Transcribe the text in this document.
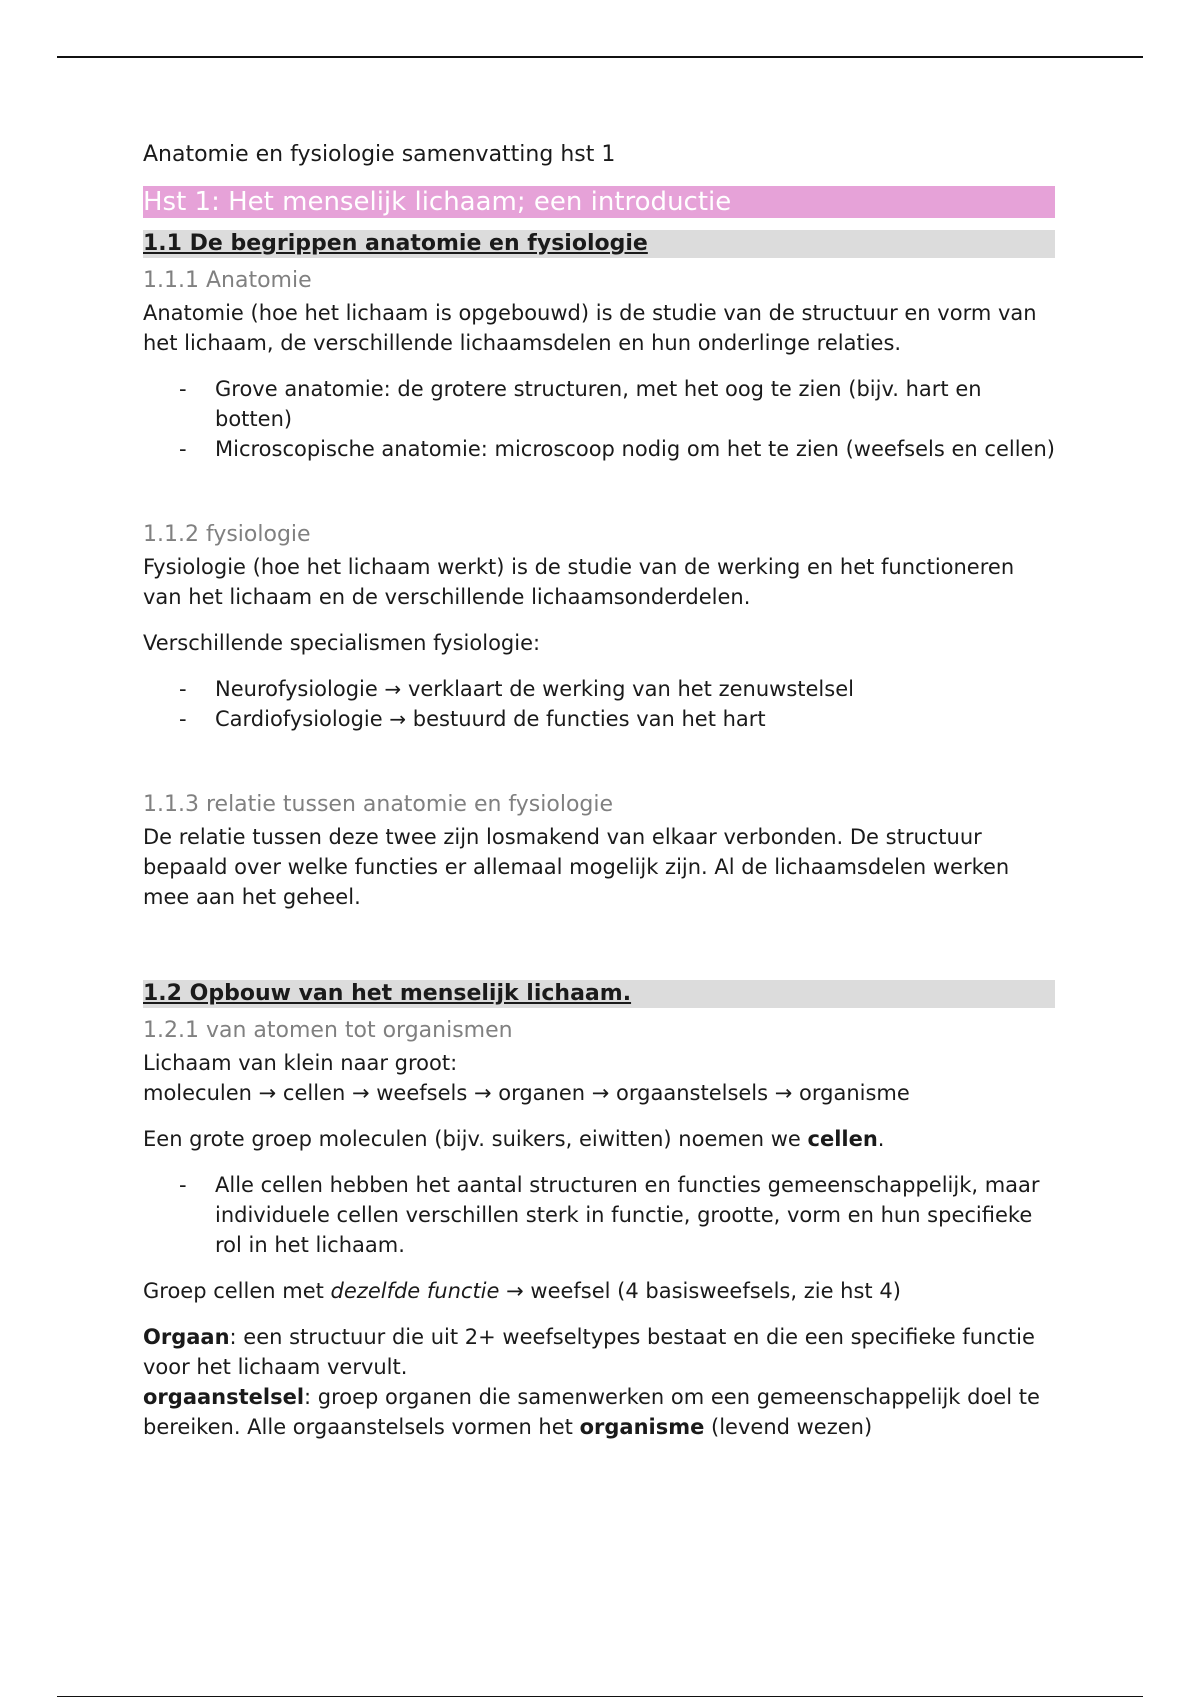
Anatomie en fysiologie samenvatting hst 1
Hst 1: Het menselijk lichaam; een introductie
1.1 De begrippen anatomie en fysiologie
1.1.1 Anatomie

Anatomie (hoe het lichaam is opgebouwd) is de studie van de structuur en vorm van het lichaam, de verschillende lichaamsdelen en hun onderlinge relaties.

- Grove anatomie: de grotere structuren, met het oog te zien (bijv. hart en botten)
- Microscopische anatomie: microscoop nodig om het te zien (weefsels en cellen)
1.1.2 fysiologie

Fysiologie (hoe het lichaam werkt) is de studie van de werking en het functioneren van het lichaam en de verschillende lichaamsonderdelen.

Verschillende specialismen fysiologie:

- Neurofysiologie → verklaart de werking van het zenuwstelsel
- Cardiofysiologie → bestuurd de functies van het hart
1.1.3 relatie tussen anatomie en fysiologie

De relatie tussen deze twee zijn losmakend van elkaar verbonden. De structuur bepaald over welke functies er allemaal mogelijk zijn. Al de lichaamsdelen werken mee aan het geheel.

1.2 Opbouw van het menselijk lichaam.
1.2.1 van atomen tot organismen
Lichaam van klein naar groot:

moleculen → cellen → weefsels → organen → orgaanstelsels → organisme

Een grote groep moleculen (bijv. suikers, eiwitten) noemen we cellen.

- Alle cellen hebben het aantal structuren en functies gemeenschappelijk, maar individuele cellen verschillen sterk in functie, grootte, vorm en hun specifieke rol in het lichaam.

Groep cellen met dezelfde functie → weefsel (4 basisweefsels, zie hst 4)

Orgaan: een structuur die uit 2+ weefseltypes bestaat en die een specifieke functie voor het lichaam vervult.
orgaanstelsel: groep organen die samenwerken om een gemeenschappelijk doel te bereiken. Alle orgaanstelsels vormen het organisme (levend wezen)
